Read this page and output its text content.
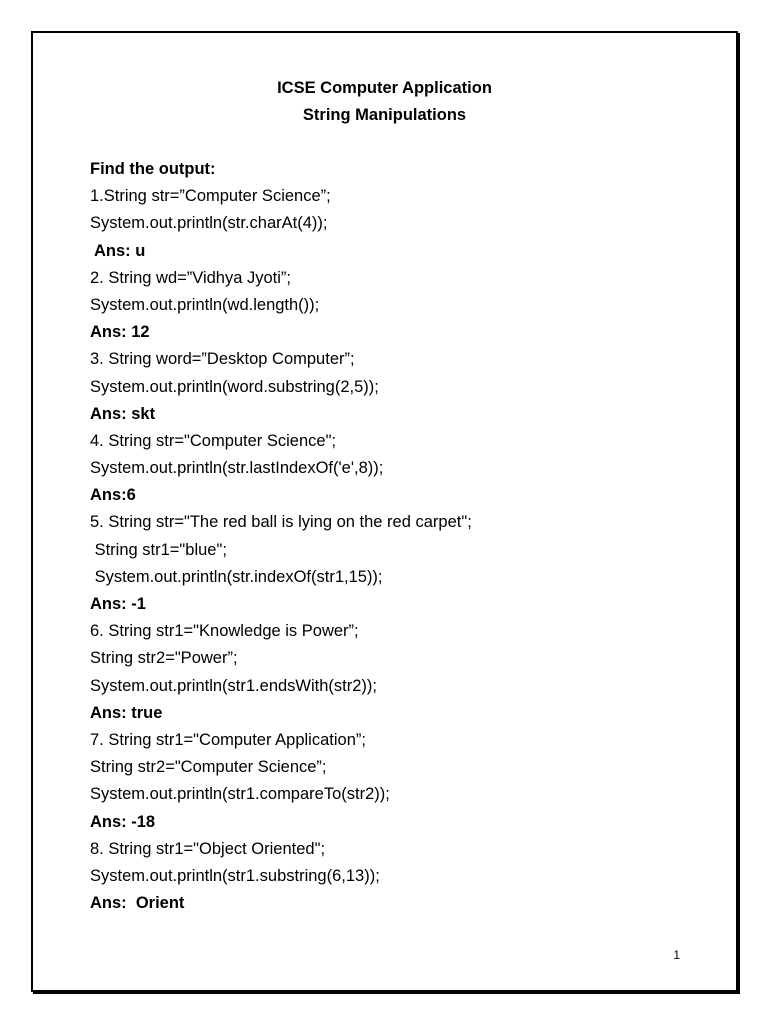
ICSE Computer Application
String Manipulations
Find the output:
1.String str=”Computer Science”;
System.out.println(str.charAt(4));
Ans: u
2. String wd=”Vidhya Jyoti”;
System.out.println(wd.length());
Ans: 12
3. String word=”Desktop Computer”;
System.out.println(word.substring(2,5));
Ans: skt
4. String str="Computer Science";
System.out.println(str.lastIndexOf('e',8));
Ans:6
5. String str="The red ball is lying on the red carpet";
String str1="blue";
System.out.println(str.indexOf(str1,15));
Ans: -1
6. String str1="Knowledge is Power”;
String str2="Power”;
System.out.println(str1.endsWith(str2));
Ans: true
7. String str1="Computer Application”;
String str2="Computer Science”;
System.out.println(str1.compareTo(str2));
Ans: -18
8. String str1="Object Oriented";
System.out.println(str1.substring(6,13));
Ans:  Orient
1
